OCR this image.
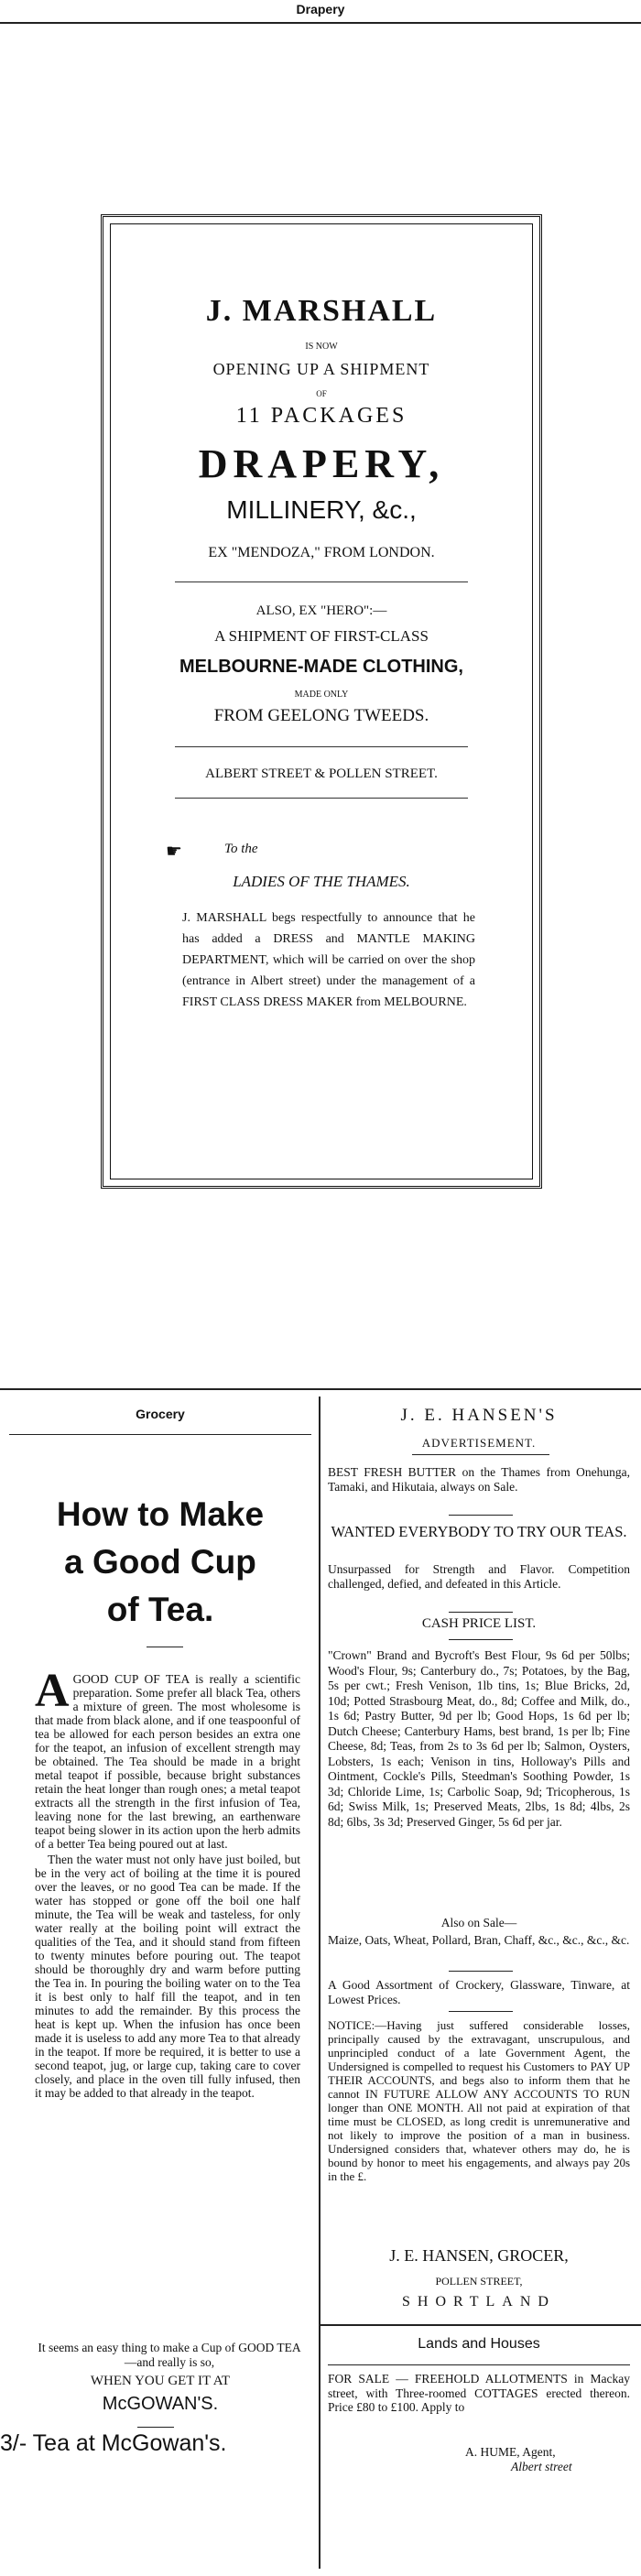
Drapery
J. MARSHALL
IS NOW
OPENING UP A SHIPMENT
OF
11 PACKAGES
DRAPERY,
MILLINERY, &c.,
EX "MENDOZA," FROM LONDON.
ALSO, EX "HERO":—
A SHIPMENT OF FIRST-CLASS
MELBOURNE-MADE CLOTHING,
MADE ONLY
FROM GEELONG TWEEDS.
ALBERT STREET & POLLEN STREET.
☛	To the
LADIES OF THE THAMES.
J. MARSHALL begs respectfully to announce that he has added a DRESS and MANTLE MAKING DEPARTMENT, which will be carried on over the shop (entrance in Albert street) under the management of a FIRST CLASS DRESS MAKER from MELBOURNE.
Grocery
How to Make
a Good Cup
of Tea.

AGOOD CUP OF TEA is really a scientific preparation. Some prefer all black Tea, others a mixture of green. The most wholesome is that made from black alone, and if one teaspoonful of tea be allowed for each person besides an extra one for the teapot, an infusion of excellent strength may be obtained. The Tea should be made in a bright metal teapot if possible, because bright substances retain the heat longer than rough ones; a metal teapot extracts all the strength in the first infusion of Tea, leaving none for the last brewing, an earthenware teapot being slower in its action upon the herb admits of a better Tea being poured out at last.

Then the water must not only have just boiled, but be in the very act of boiling at the time it is poured over the leaves, or no good Tea can be made. If the water has stopped or gone off the boil one half minute, the Tea will be weak and tasteless, for only water really at the boiling point will extract the qualities of the Tea, and it should stand from fifteen to twenty minutes before pouring out. The teapot should be thoroughly dry and warm before putting the Tea in. In pouring the boiling water on to the Tea it is best only to half fill the teapot, and in ten minutes to add the remainder. By this process the heat is kept up. When the infusion has once been made it is useless to add any more Tea to that already in the teapot. If more be required, it is better to use a second teapot, jug, or large cup, taking care to cover closely, and place in the oven till fully infused, then it may be added to that already in the teapot.

It seems an easy thing to make a Cup of GOOD TEA—and really is so,
WHEN YOU GET IT AT
McGOWAN'S.
3/- Tea at McGowan's.
J. E. HANSEN'S
ADVERTISEMENT.
BEST FRESH BUTTER on the Thames from Onehunga, Tamaki, and Hikutaia, always on Sale.
WANTED EVERYBODY TO TRY OUR TEAS.
Unsurpassed for Strength and Flavor. Competition challenged, defied, and defeated in this Article.
CASH PRICE LIST.
"Crown" Brand and Bycroft's Best Flour, 9s 6d per 50lbs; Wood's Flour, 9s; Canterbury do., 7s; Potatoes, by the Bag, 5s per cwt.; Fresh Venison, 1lb tins, 1s; Blue Bricks, 2d, 10d; Potted Strasbourg Meat, do., 8d; Coffee and Milk, do., 1s 6d; Pastry Butter, 9d per lb; Good Hops, 1s 6d per lb; Dutch Cheese; Canterbury Hams, best brand, 1s per lb; Fine Cheese, 8d; Teas, from 2s to 3s 6d per lb; Salmon, Oysters, Lobsters, 1s each; Venison in tins, Holloway's Pills and Ointment, Cockle's Pills, Steedman's Soothing Powder, 1s 3d; Chloride Lime, 1s; Carbolic Soap, 9d; Tricopherous, 1s 6d; Swiss Milk, 1s; Preserved Meats, 2lbs, 1s 8d; 4lbs, 2s 8d; 6lbs, 3s 3d; Preserved Ginger, 5s 6d per jar.
Also on Sale—
Maize, Oats, Wheat, Pollard, Bran, Chaff, &c., &c., &c., &c.
A Good Assortment of Crockery, Glassware, Tinware, at Lowest Prices.
NOTICE:—Having just suffered considerable losses, principally caused by the extravagant, unscrupulous, and unprincipled conduct of a late Government Agent, the Undersigned is compelled to request his Customers to PAY UP THEIR ACCOUNTS, and begs also to inform them that he cannot IN FUTURE ALLOW ANY ACCOUNTS TO RUN longer than ONE MONTH. All not paid at expiration of that time must be CLOSED, as long credit is unremunerative and not likely to improve the position of a man in business. Undersigned considers that, whatever others may do, he is bound by honor to meet his engagements, and always pay 20s in the £.
J. E. HANSEN, GROCER,
POLLEN STREET,
SHORTLAND
Lands and Houses
FOR SALE — FREEHOLD ALLOTMENTS in Mackay street, with Three-roomed COTTAGES erected thereon. Price £80 to £100. Apply to
A. HUME, Agent,
Albert street
